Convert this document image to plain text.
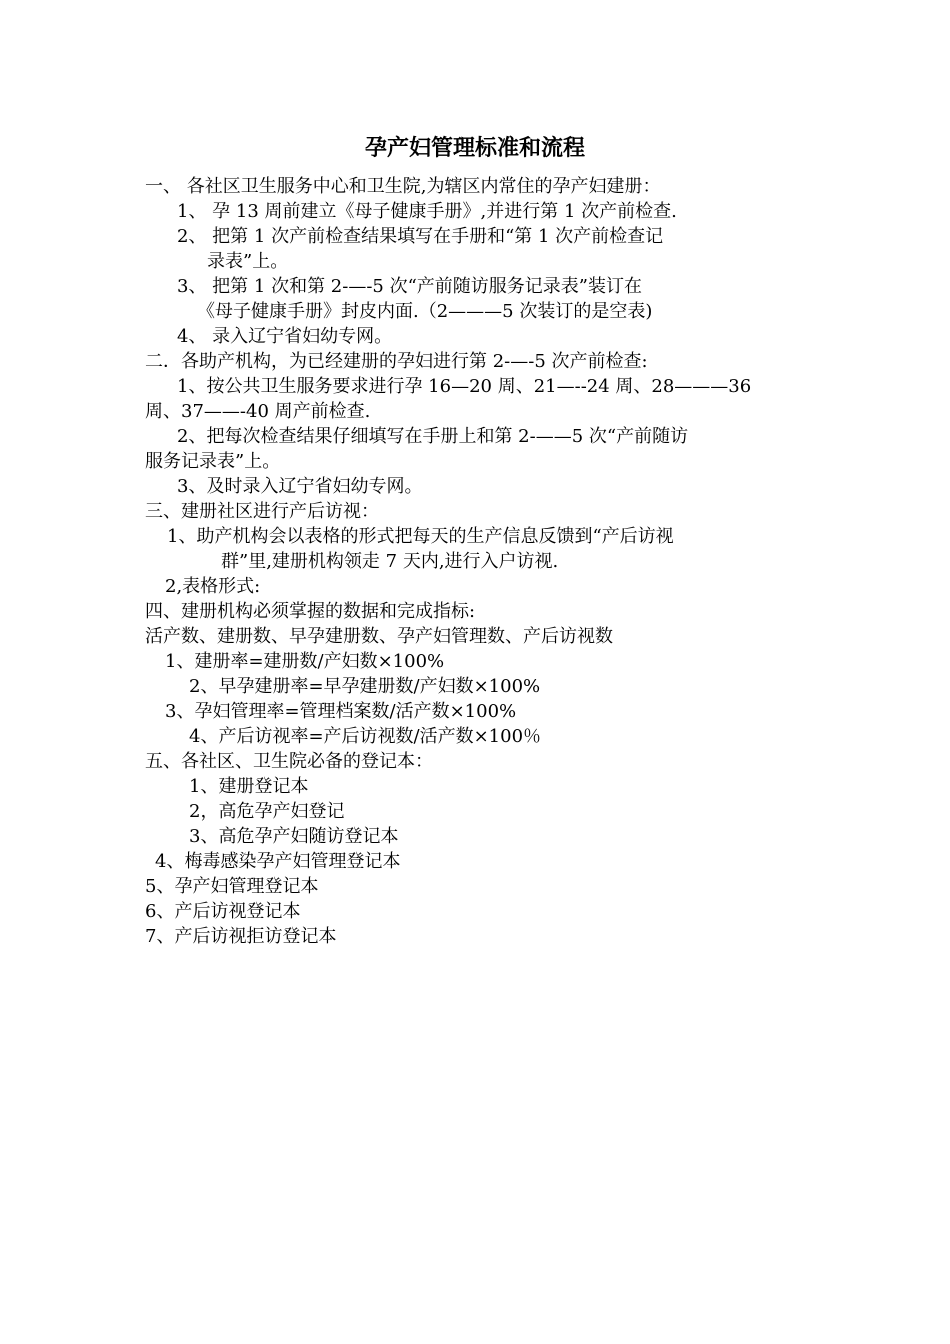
孕产妇管理标准和流程
一、 各社区卫生服务中心和卫生院,为辖区内常住的孕产妇建册：
1、 孕 13 周前建立《母子健康手册》,并进行第 1 次产前检查.
2、 把第 1 次产前检查结果填写在手册和“第 1 次产前检查记
录表”上。
3、 把第 1 次和第 2-—-5 次“产前随访服务记录表”装订在
《母子健康手册》封皮内面.（2———5 次装订的是空表)
4、 录入辽宁省妇幼专网。
二．各助产机构，为已经建册的孕妇进行第 2-—-5 次产前检查:
1、按公共卫生服务要求进行孕 16—20 周、21—--24 周、28———36
周、37——-40 周产前检查.
2、把每次检查结果仔细填写在手册上和第 2-——5 次“产前随访
服务记录表”上。
3、及时录入辽宁省妇幼专网。
三、建册社区进行产后访视：
1、助产机构会以表格的形式把每天的生产信息反馈到“产后访视
群”里,建册机构领走 7 天内,进行入户访视.
2,表格形式:
四、建册机构必须掌握的数据和完成指标:
活产数、建册数、早孕建册数、孕产妇管理数、产后访视数
1、建册率=建册数/产妇数×100%
2、早孕建册率=早孕建册数/产妇数×100%
3、孕妇管理率=管理档案数/活产数×100%
4、产后访视率=产后访视数/活产数×100％
五、各社区、卫生院必备的登记本：
1、建册登记本
2，高危孕产妇登记
3、高危孕产妇随访登记本
4、梅毒感染孕产妇管理登记本
5、孕产妇管理登记本
6、产后访视登记本
7、产后访视拒访登记本
